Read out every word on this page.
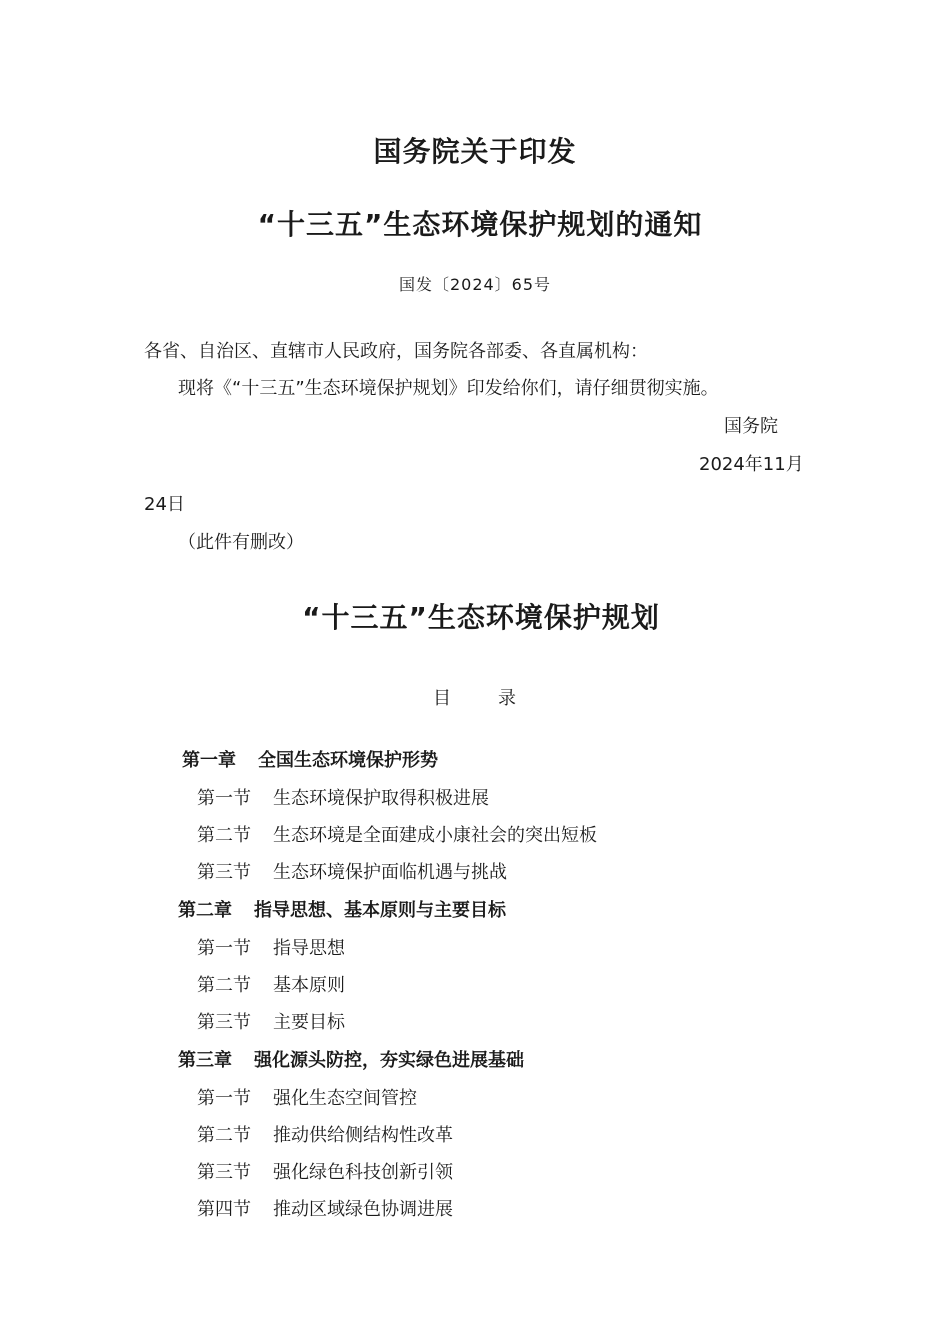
国务院关于印发
“十三五”生态环境保护规划的通知
国发〔2024〕65号
各省、自治区、直辖市人民政府，国务院各部委、各直属机构：
现将《“十三五”生态环境保护规划》印发给你们，请仔细贯彻实施。
国务院
2024年11月
24日
（此件有删改）
“十三五”生态环境保护规划
目	录
第一章 全国生态环境保护形势
第一节 生态环境保护取得积极进展
第二节 生态环境是全面建成小康社会的突出短板
第三节 生态环境保护面临机遇与挑战
第二章 指导思想、基本原则与主要目标
第一节 指导思想
第二节 基本原则
第三节 主要目标
第三章 强化源头防控，夯实绿色进展基础
第一节 强化生态空间管控
第二节 推动供给侧结构性改革
第三节 强化绿色科技创新引领
第四节 推动区域绿色协调进展
